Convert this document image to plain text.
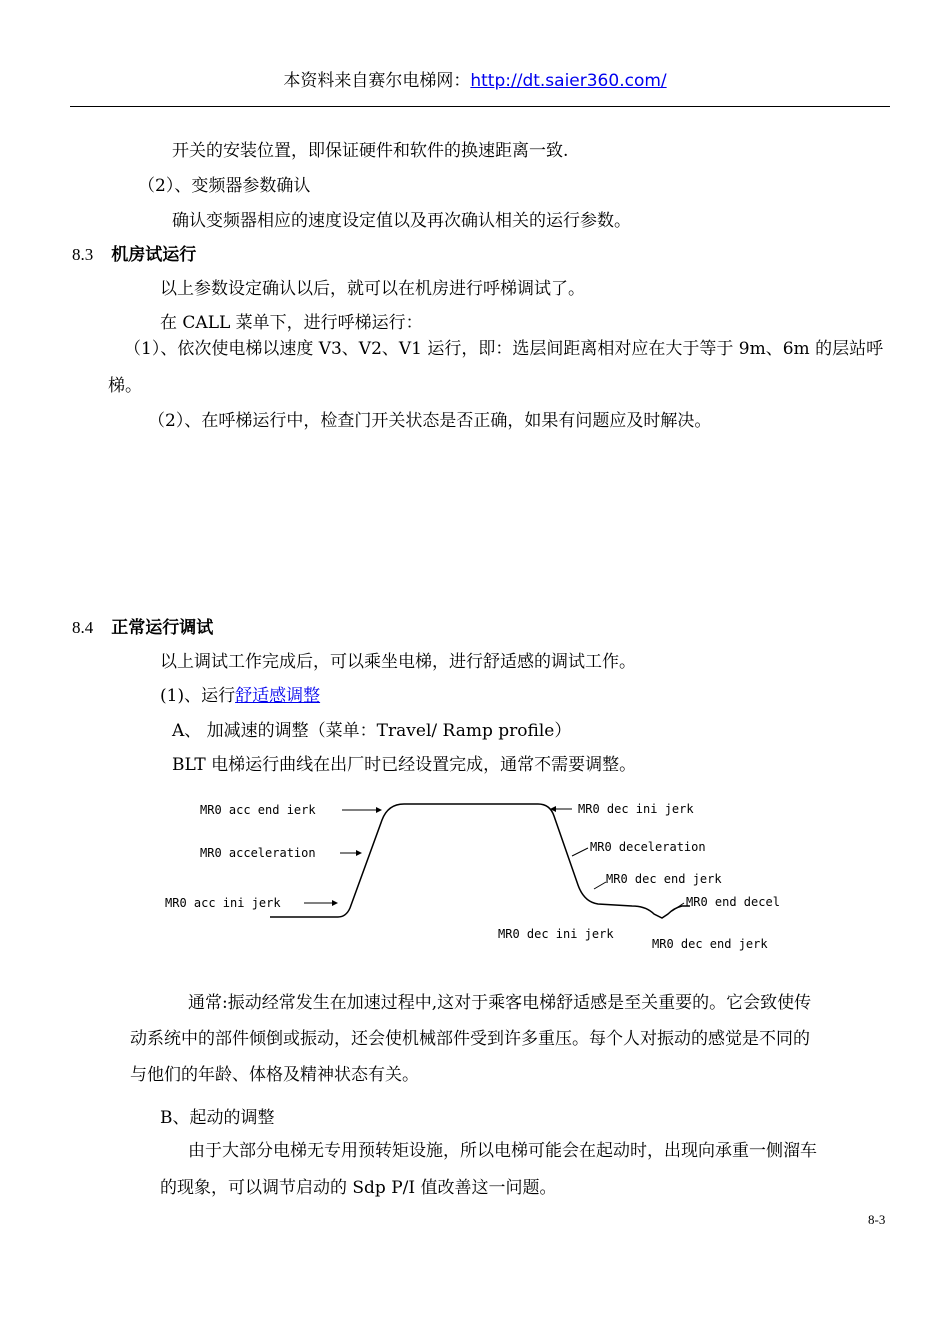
本资料来自赛尔电梯网：http://dt.saier360.com/
开关的安装位置，即保证硬件和软件的换速距离一致.
（2）、变频器参数确认
确认变频器相应的速度设定值以及再次确认相关的运行参数。
8.3 机房试运行
以上参数设定确认以后，就可以在机房进行呼梯调试了。
在 CALL 菜单下，进行呼梯运行：
（1）、依次使电梯以速度 V3、V2、V1 运行，即：选层间距离相对应在大于等于 9m、6m 的层站呼
梯。
（2）、在呼梯运行中，检查门开关状态是否正确，如果有问题应及时解决。
8.4 正常运行调试
以上调试工作完成后，可以乘坐电梯，进行舒适感的调试工作。
(1)、运行舒适感调整
A、 加减速的调整（菜单：Travel/ Ramp profile）
BLT 电梯运行曲线在出厂时已经设置完成，通常不需要调整。
MR0 acc end ierk
MR0 acceleration
MR0 acc ini jerk
MR0 dec ini jerk
MR0 deceleration
MR0 dec end jerk
MR0 end decel
MR0 dec ini jerk
MR0 dec end jerk
通常:振动经常发生在加速过程中,这对于乘客电梯舒适感是至关重要的。它会致使传
动系统中的部件倾倒或振动，还会使机械部件受到许多重压。每个人对振动的感觉是不同的
与他们的年龄、体格及精神状态有关。
B、起动的调整
由于大部分电梯无专用预转矩设施，所以电梯可能会在起动时，出现向承重一侧溜车
的现象，可以调节启动的 Sdp P/I 值改善这一问题。
8-3
